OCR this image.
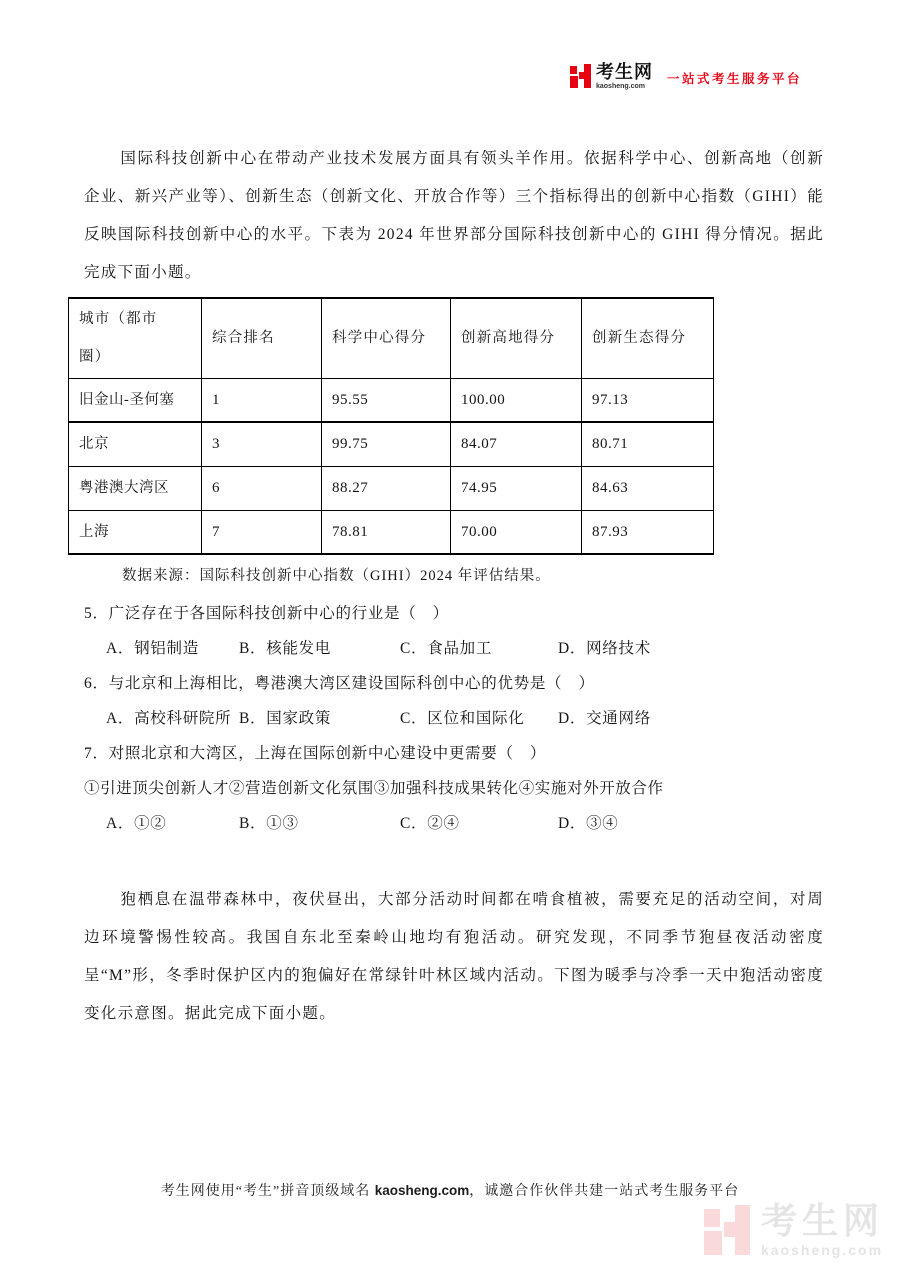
考生网
kaosheng.com
一站式考生服务平台

国际科技创新中心在带动产业技术发展方面具有领头羊作用。依据科学中心、创新高地（创新企业、新兴产业等）、创新生态（创新文化、开放合作等）三个指标得出的创新中心指数（GIHI）能反映国际科技创新中心的水平。下表为 2024 年世界部分国际科技创新中心的 GIHI 得分情况。据此完成下面小题。

城市（都市圈）	综合排名	科学中心得分	创新高地得分	创新生态得分
旧金山-圣何塞	1	95.55	100.00	97.13
北京	3	99.75	84.07	80.71
粤港澳大湾区	6	88.27	74.95	84.63
上海	7	78.81	70.00	87.93
数据来源：国际科技创新中心指数（GIHI）2024 年评估结果。
5．广泛存在于各国际科技创新中心的行业是（　）
A．钢铝制造	B．核能发电	C．食品加工	D．网络技术
6．与北京和上海相比，粤港澳大湾区建设国际科创中心的优势是（　）
A．高校科研院所 B．国家政策	C．区位和国际化 D．交通网络
7．对照北京和大湾区，上海在国际创新中心建设中更需要（　）
①引进顶尖创新人才②营造创新文化氛围③加强科技成果转化④实施对外开放合作
A．①②	B．①③	C．②④	D．③④

狍栖息在温带森林中，夜伏昼出，大部分活动时间都在啃食植被，需要充足的活动空间，对周边环境警惕性较高。我国自东北至秦岭山地均有狍活动。研究发现，不同季节狍昼夜活动密度呈“M”形，冬季时保护区内的狍偏好在常绿针叶林区域内活动。下图为暖季与冷季一天中狍活动密度变化示意图。据此完成下面小题。

考生网使用“考生”拼音顶级域名 kaosheng.com，诚邀合作伙伴共建一站式考生服务平台
考生网
kaosheng.com
